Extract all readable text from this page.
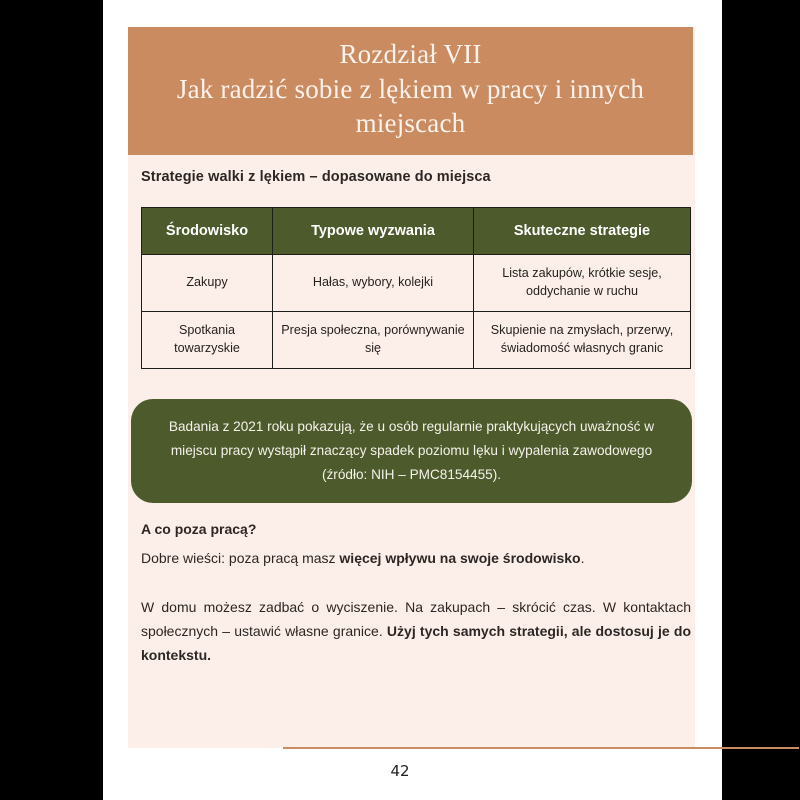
Rozdział VII
Jak radzić sobie z lękiem w pracy i innych miejscach
Strategie walki z lękiem – dopasowane do miejsca
Środowisko	Typowe wyzwania	Skuteczne strategie
Zakupy	Hałas, wybory, kolejki	Lista zakupów, krótkie sesje, oddychanie w ruchu
Spotkania towarzyskie	Presja społeczna, porównywanie się	Skupienie na zmysłach, przerwy, świadomość własnych granic
Badania z 2021 roku pokazują, że u osób regularnie praktykujących uważność w miejscu pracy wystąpił znaczący spadek poziomu lęku i wypalenia zawodowego (źródło: NIH – PMC8154455).
A co poza pracą?
Dobre wieści: poza pracą masz więcej wpływu na swoje środowisko.
W domu możesz zadbać o wyciszenie. Na zakupach – skrócić czas. W kontaktach społecznych – ustawić własne granice. Użyj tych samych strategii, ale dostosuj je do kontekstu.
42
